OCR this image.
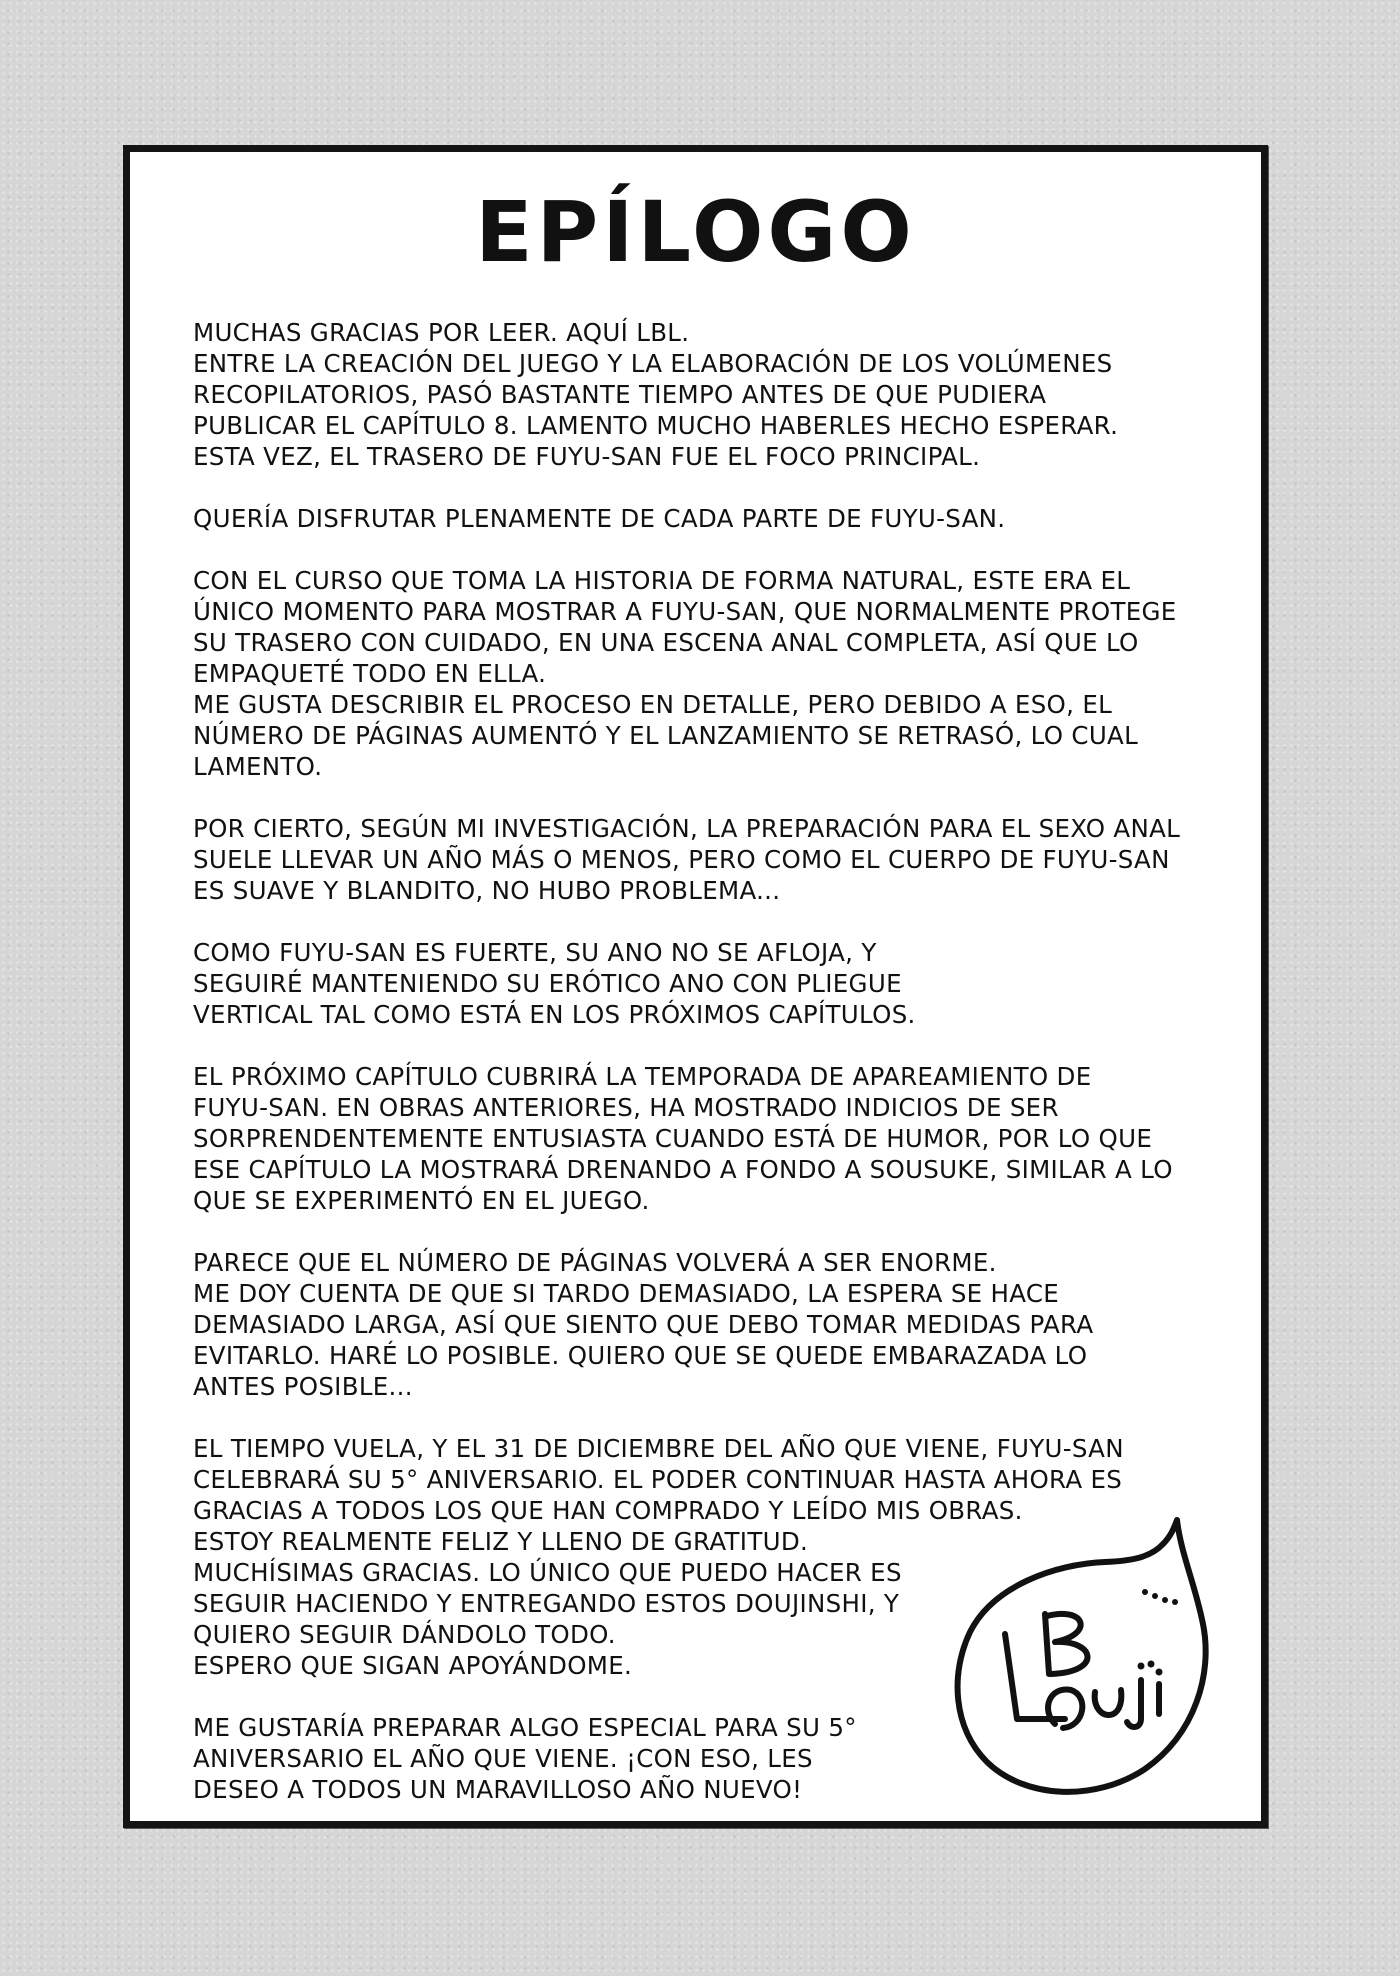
EPÍLOGO

MUCHAS GRACIAS POR LEER. AQUÍ LBL.
ENTRE LA CREACIÓN DEL JUEGO Y LA ELABORACIÓN DE LOS VOLÚMENES
RECOPILATORIOS, PASÓ BASTANTE TIEMPO ANTES DE QUE PUDIERA
PUBLICAR EL CAPÍTULO 8. LAMENTO MUCHO HABERLES HECHO ESPERAR.
ESTA VEZ, EL TRASERO DE FUYU-SAN FUE EL FOCO PRINCIPAL.

QUERÍA DISFRUTAR PLENAMENTE DE CADA PARTE DE FUYU-SAN.

CON EL CURSO QUE TOMA LA HISTORIA DE FORMA NATURAL, ESTE ERA EL
ÚNICO MOMENTO PARA MOSTRAR A FUYU-SAN, QUE NORMALMENTE PROTEGE
SU TRASERO CON CUIDADO, EN UNA ESCENA ANAL COMPLETA, ASÍ QUE LO
EMPAQUETÉ TODO EN ELLA.
ME GUSTA DESCRIBIR EL PROCESO EN DETALLE, PERO DEBIDO A ESO, EL
NÚMERO DE PÁGINAS AUMENTÓ Y EL LANZAMIENTO SE RETRASÓ, LO CUAL
LAMENTO.

POR CIERTO, SEGÚN MI INVESTIGACIÓN, LA PREPARACIÓN PARA EL SEXO ANAL
SUELE LLEVAR UN AÑO MÁS O MENOS, PERO COMO EL CUERPO DE FUYU-SAN
ES SUAVE Y BLANDITO, NO HUBO PROBLEMA...

COMO FUYU-SAN ES FUERTE, SU ANO NO SE AFLOJA, Y
SEGUIRÉ MANTENIENDO SU ERÓTICO ANO CON PLIEGUE
VERTICAL TAL COMO ESTÁ EN LOS PRÓXIMOS CAPÍTULOS.

EL PRÓXIMO CAPÍTULO CUBRIRÁ LA TEMPORADA DE APAREAMIENTO DE
FUYU-SAN. EN OBRAS ANTERIORES, HA MOSTRADO INDICIOS DE SER
SORPRENDENTEMENTE ENTUSIASTA CUANDO ESTÁ DE HUMOR, POR LO QUE
ESE CAPÍTULO LA MOSTRARÁ DRENANDO A FONDO A SOUSUKE, SIMILAR A LO
QUE SE EXPERIMENTÓ EN EL JUEGO.

PARECE QUE EL NÚMERO DE PÁGINAS VOLVERÁ A SER ENORME.
ME DOY CUENTA DE QUE SI TARDO DEMASIADO, LA ESPERA SE HACE
DEMASIADO LARGA, ASÍ QUE SIENTO QUE DEBO TOMAR MEDIDAS PARA
EVITARLO. HARÉ LO POSIBLE. QUIERO QUE SE QUEDE EMBARAZADA LO
ANTES POSIBLE...

EL TIEMPO VUELA, Y EL 31 DE DICIEMBRE DEL AÑO QUE VIENE, FUYU-SAN
CELEBRARÁ SU 5° ANIVERSARIO. EL PODER CONTINUAR HASTA AHORA ES
GRACIAS A TODOS LOS QUE HAN COMPRADO Y LEÍDO MIS OBRAS.
ESTOY REALMENTE FELIZ Y LLENO DE GRATITUD.
MUCHÍSIMAS GRACIAS. LO ÚNICO QUE PUEDO HACER ES
SEGUIR HACIENDO Y ENTREGANDO ESTOS DOUJINSHI, Y
QUIERO SEGUIR DÁNDOLO TODO.
ESPERO QUE SIGAN APOYÁNDOME.

ME GUSTARÍA PREPARAR ALGO ESPECIAL PARA SU 5°
ANIVERSARIO EL AÑO QUE VIENE. ¡CON ESO, LES
DESEO A TODOS UN MARAVILLOSO AÑO NUEVO!
